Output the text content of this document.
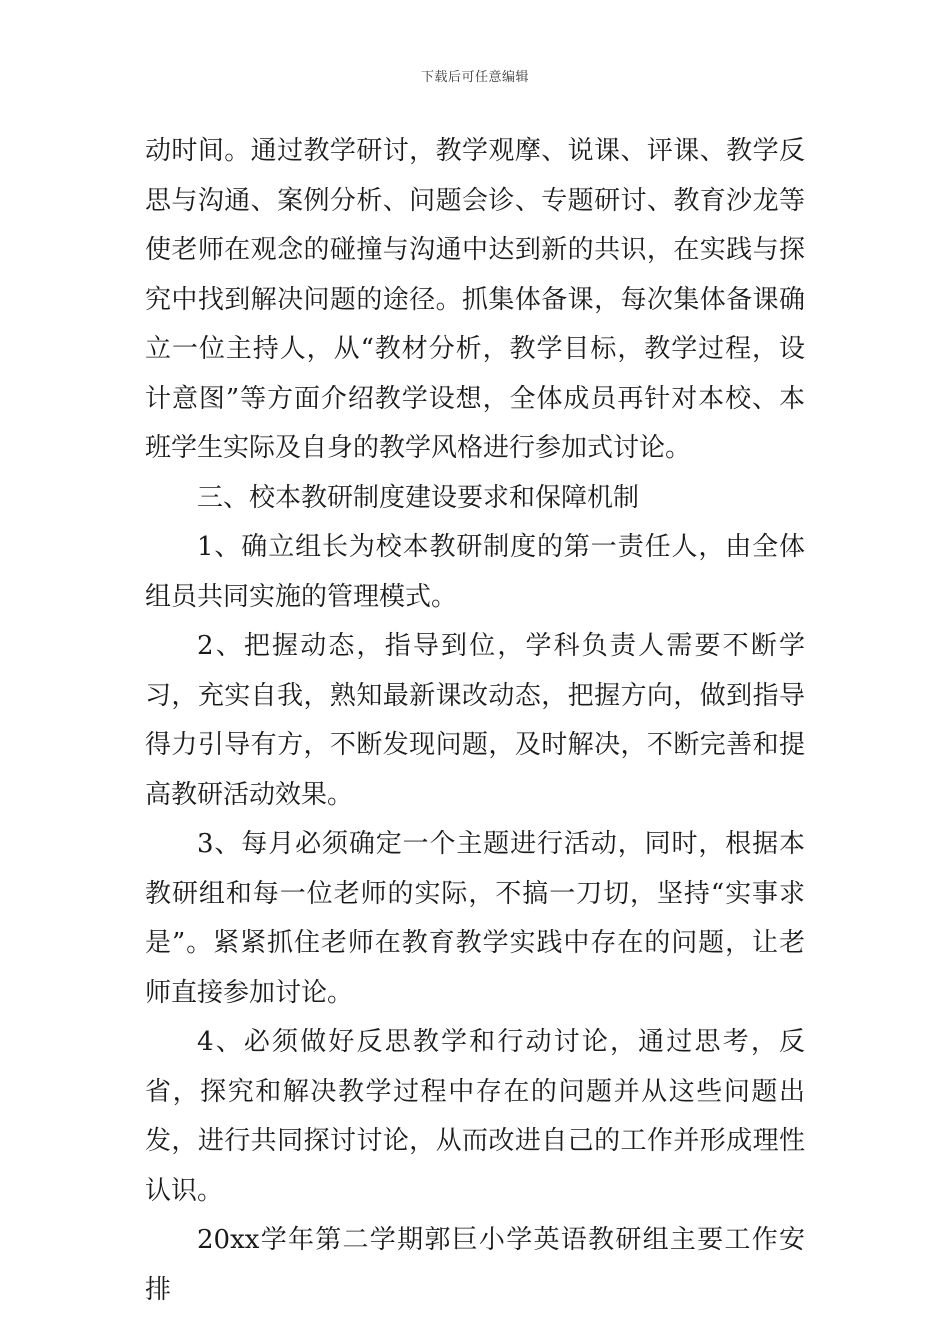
下载后可任意编辑

动时间。通过教学研讨，教学观摩、说课、评课、教学反思与沟通、案例分析、问题会诊、专题研讨、教育沙龙等使老师在观念的碰撞与沟通中达到新的共识，在实践与探究中找到解决问题的途径。抓集体备课，每次集体备课确立一位主持人，从“教材分析，教学目标，教学过程，设计意图”等方面介绍教学设想，全体成员再针对本校、本班学生实际及自身的教学风格进行参加式讨论。

三、校本教研制度建设要求和保障机制

1、确立组长为校本教研制度的第一责任人，由全体组员共同实施的管理模式。

2、把握动态，指导到位，学科负责人需要不断学习，充实自我，熟知最新课改动态，把握方向，做到指导得力引导有方，不断发现问题，及时解决，不断完善和提高教研活动效果。

3、每月必须确定一个主题进行活动，同时，根据本教研组和每一位老师的实际，不搞一刀切，坚持“实事求是”。紧紧抓住老师在教育教学实践中存在的问题，让老师直接参加讨论。

4、必须做好反思教学和行动讨论，通过思考，反省，探究和解决教学过程中存在的问题并从这些问题出发，进行共同探讨讨论，从而改进自己的工作并形成理性认识。

20xx学年第二学期郭巨小学英语教研组主要工作安排
